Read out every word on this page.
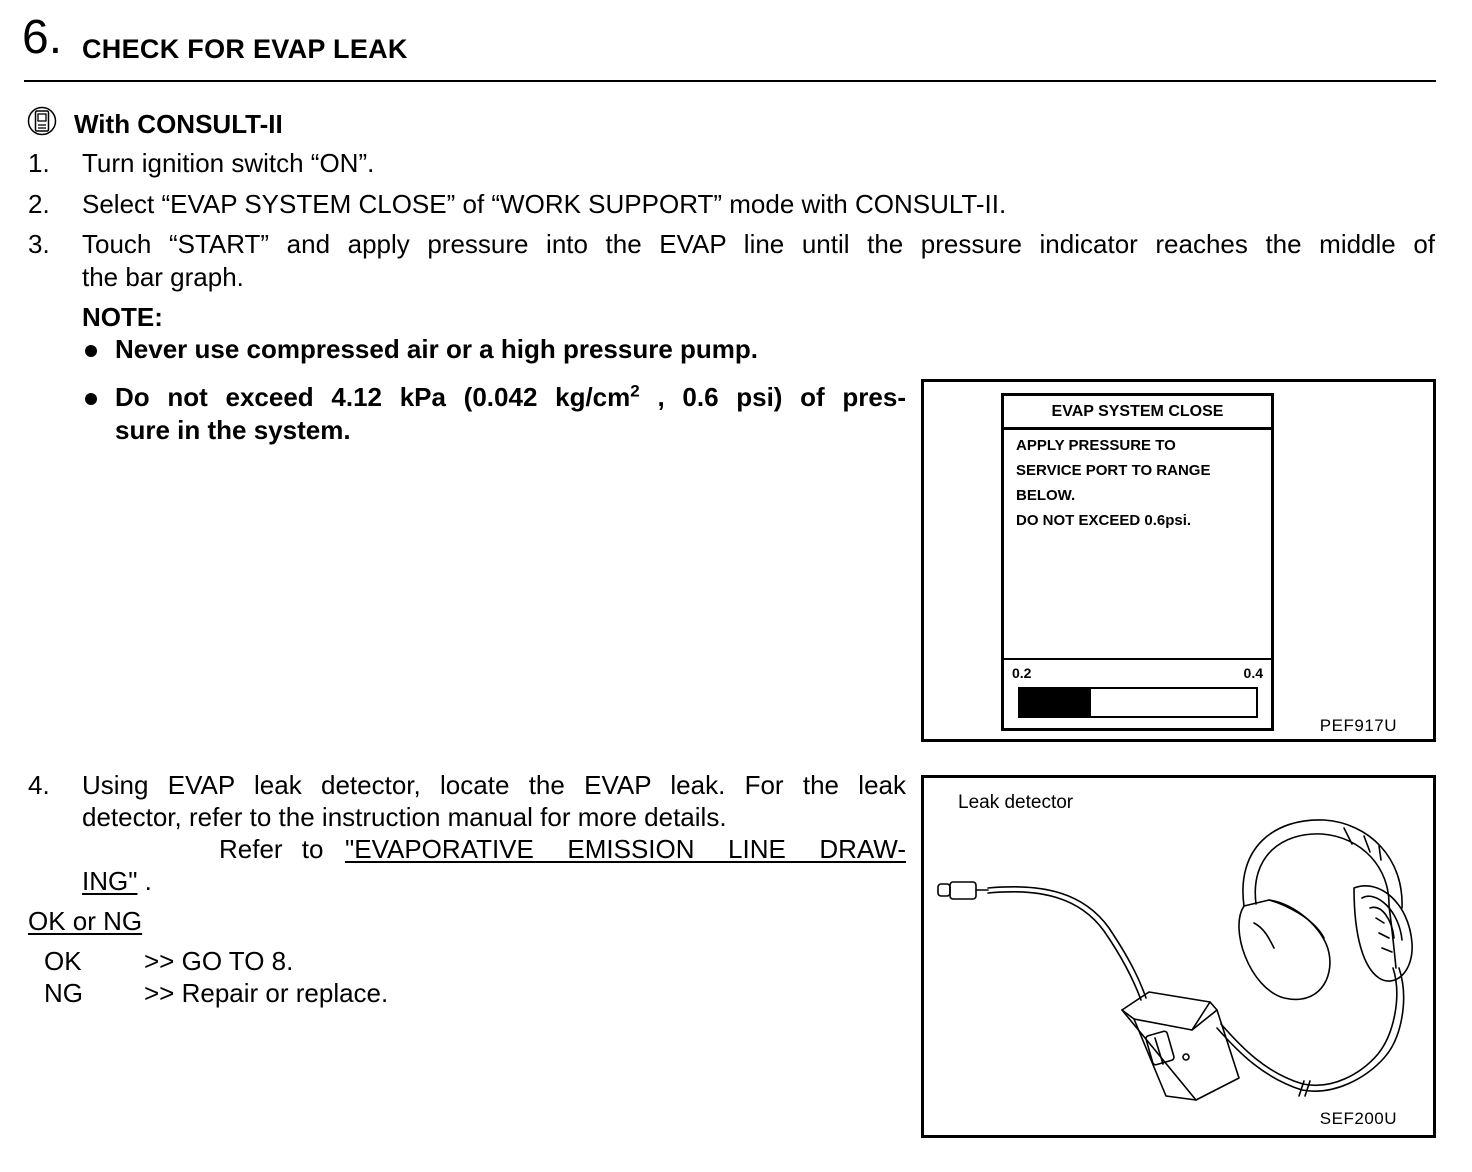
6. CHECK FOR EVAP LEAK
With CONSULT-II
1. Turn ignition switch “ON”.
2. Select “EVAP SYSTEM CLOSE” of “WORK SUPPORT” mode with CONSULT-II.
3. Touch “START” and apply pressure into the EVAP line until the pressure indicator reaches the middle of
the bar graph.
NOTE:
Never use compressed air or a high pressure pump.
Do not exceed 4.12 kPa (0.042 $kg/cm^2$ , 0.6 psi) of pres-
sure in the system.
EVAP SYSTEM CLOSE
APPLY PRESSURE TO
SERVICE PORT TO RANGE
BELOW.
DO NOT EXCEED 0.6psi.
0.2	0.4
PEF917U
4. Using EVAP leak detector, locate the EVAP leak. For the leak
detector, refer to the instruction manual for more details.
Refer to "EVAPORATIVE EMISSION LINE DRAW-
ING" .
OK or NG
OK >> GO TO 8.
NG >> Repair or replace.
Leak detector
SEF200U
